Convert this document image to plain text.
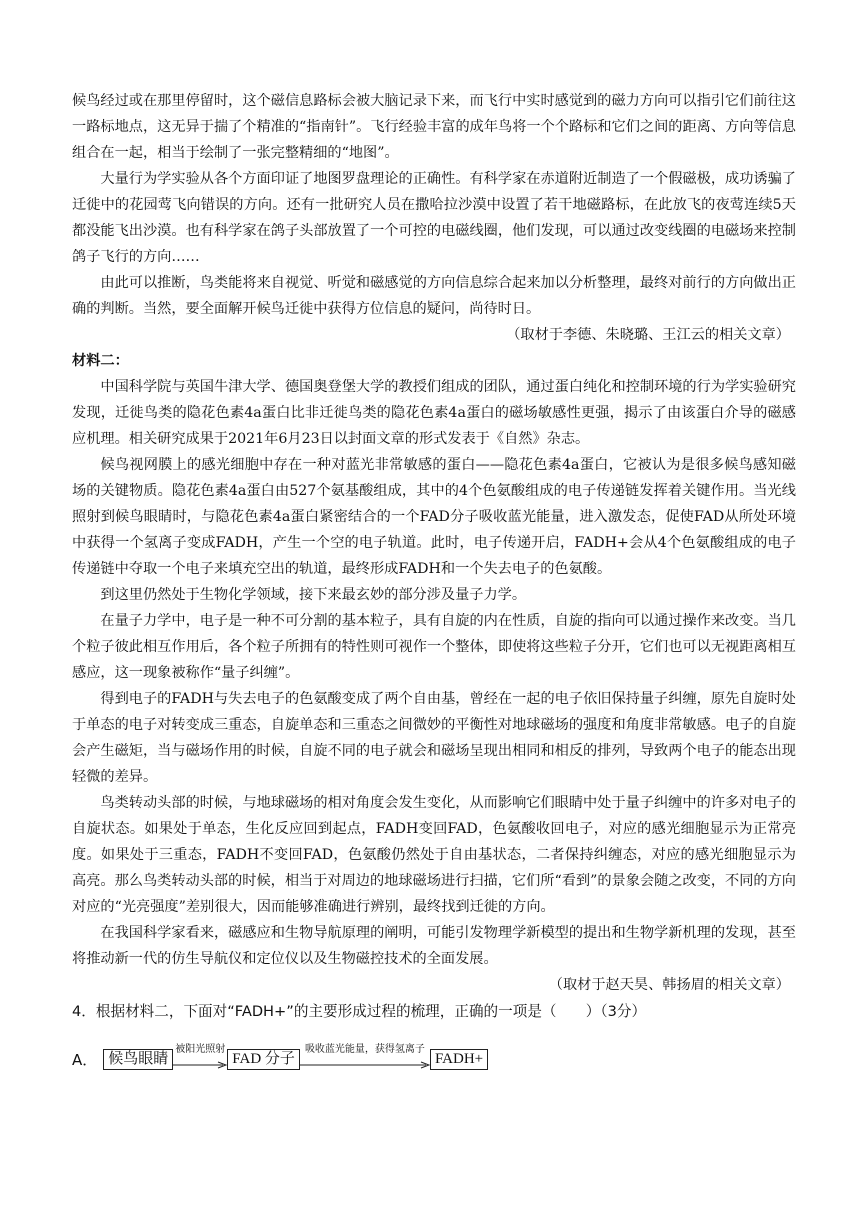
候鸟经过或在那里停留时，这个磁信息路标会被大脑记录下来，而飞行中实时感觉到的磁力方向可以指引它们前往这一路标地点，这无异于揣了个精准的“指南针”。飞行经验丰富的成年鸟将一个个路标和它们之间的距离、方向等信息组合在一起，相当于绘制了一张完整精细的“地图”。

大量行为学实验从各个方面印证了地图罗盘理论的正确性。有科学家在赤道附近制造了一个假磁极，成功诱骗了迁徙中的花园莺飞向错误的方向。还有一批研究人员在撒哈拉沙漠中设置了若干地磁路标，在此放飞的夜莺连续5天都没能飞出沙漠。也有科学家在鸽子头部放置了一个可控的电磁线圈，他们发现，可以通过改变线圈的电磁场来控制鸽子飞行的方向……

由此可以推断，鸟类能将来自视觉、听觉和磁感觉的方向信息综合起来加以分析整理，最终对前行的方向做出正确的判断。当然，要全面解开候鸟迁徙中获得方位信息的疑问，尚待时日。

（取材于李德、朱晓璐、王江云的相关文章）

材料二：

中国科学院与英国牛津大学、德国奥登堡大学的教授们组成的团队，通过蛋白纯化和控制环境的行为学实验研究发现，迁徙鸟类的隐花色素4a蛋白比非迁徙鸟类的隐花色素4a蛋白的磁场敏感性更强，揭示了由该蛋白介导的磁感应机理。相关研究成果于2021年6月23日以封面文章的形式发表于《自然》杂志。

候鸟视网膜上的感光细胞中存在一种对蓝光非常敏感的蛋白——隐花色素4a蛋白，它被认为是很多候鸟感知磁场的关键物质。隐花色素4a蛋白由527个氨基酸组成，其中的4个色氨酸组成的电子传递链发挥着关键作用。当光线照射到候鸟眼睛时，与隐花色素4a蛋白紧密结合的一个FAD分子吸收蓝光能量，进入激发态，促使FAD从所处环境中获得一个氢离子变成FADH，产生一个空的电子轨道。此时，电子传递开启，FADH+会从4个色氨酸组成的电子传递链中夺取一个电子来填充空出的轨道，最终形成FADH和一个失去电子的色氨酸。

到这里仍然处于生物化学领域，接下来最玄妙的部分涉及量子力学。

在量子力学中，电子是一种不可分割的基本粒子，具有自旋的内在性质，自旋的指向可以通过操作来改变。当几个粒子彼此相互作用后，各个粒子所拥有的特性则可视作一个整体，即使将这些粒子分开，它们也可以无视距离相互感应，这一现象被称作“量子纠缠”。

得到电子的FADH与失去电子的色氨酸变成了两个自由基，曾经在一起的电子依旧保持量子纠缠，原先自旋时处于单态的电子对转变成三重态，自旋单态和三重态之间微妙的平衡性对地球磁场的强度和角度非常敏感。电子的自旋会产生磁矩，当与磁场作用的时候，自旋不同的电子就会和磁场呈现出相同和相反的排列，导致两个电子的能态出现轻微的差异。

鸟类转动头部的时候，与地球磁场的相对角度会发生变化，从而影响它们眼睛中处于量子纠缠中的许多对电子的自旋状态。如果处于单态，生化反应回到起点，FADH变回FAD，色氨酸收回电子，对应的感光细胞显示为正常亮度。如果处于三重态，FADH不变回FAD，色氨酸仍然处于自由基状态，二者保持纠缠态，对应的感光细胞显示为高亮。那么鸟类转动头部的时候，相当于对周边的地球磁场进行扫描，它们所“看到”的景象会随之改变，不同的方向对应的“光亮强度”差别很大，因而能够准确进行辨别，最终找到迁徙的方向。

在我国科学家看来，磁感应和生物导航原理的阐明，可能引发物理学新模型的提出和生物学新机理的发现，甚至将推动新一代的仿生导航仪和定位仪以及生物磁控技术的全面发展。

（取材于赵天昊、韩扬眉的相关文章）

4．根据材料二，下面对“FADH+”的主要形成过程的梳理，正确的一项是（　　）（3分）

A． 候鸟眼睛
被阳光照射
FAD 分子
吸收蓝光能量，获得氢离子
FADH+
